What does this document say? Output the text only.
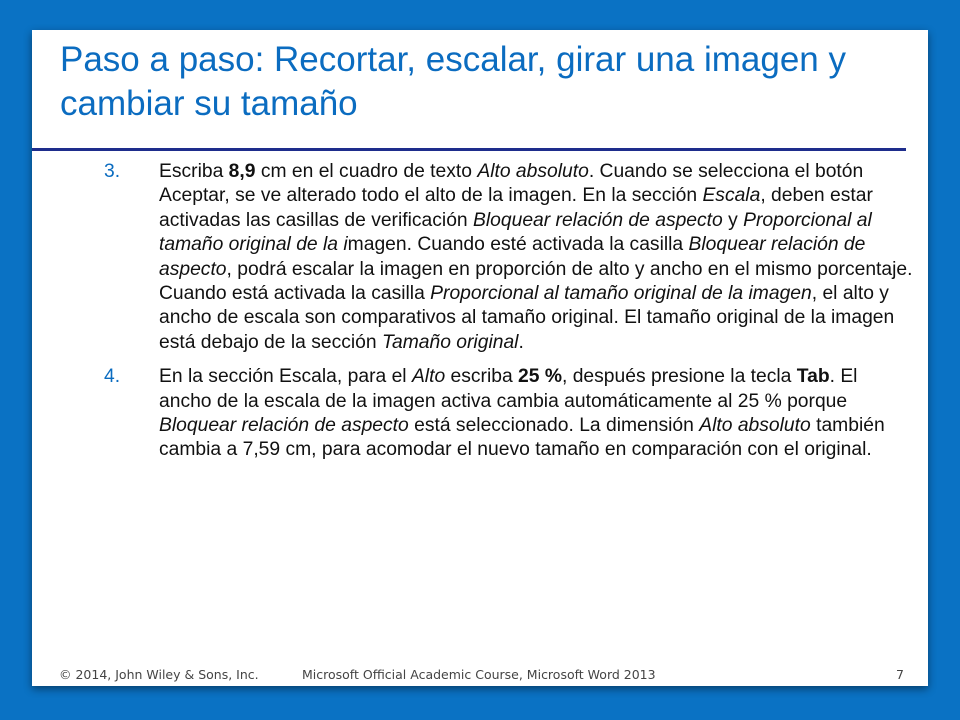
Paso a paso: Recortar, escalar, girar una imagen y cambiar su tamaño
3. Escriba 8,9 cm en el cuadro de texto Alto absoluto. Cuando se selecciona el botón Aceptar, se ve alterado todo el alto de la imagen. En la sección Escala, deben estar activadas las casillas de verificación Bloquear relación de aspecto y Proporcional al tamaño original de la imagen. Cuando esté activada la casilla Bloquear relación de aspecto, podrá escalar la imagen en proporción de alto y ancho en el mismo porcentaje. Cuando está activada la casilla Proporcional al tamaño original de la imagen, el alto y ancho de escala son comparativos al tamaño original. El tamaño original de la imagen está debajo de la sección Tamaño original.
4. En la sección Escala, para el Alto escriba 25 %, después presione la tecla Tab. El ancho de la escala de la imagen activa cambia automáticamente al 25 % porque Bloquear relación de aspecto está seleccionado. La dimensión Alto absoluto también cambia a 7,59 cm, para acomodar el nuevo tamaño en comparación con el original.
© 2014, John Wiley & Sons, Inc.	Microsoft Official Academic Course, Microsoft Word 2013	7
